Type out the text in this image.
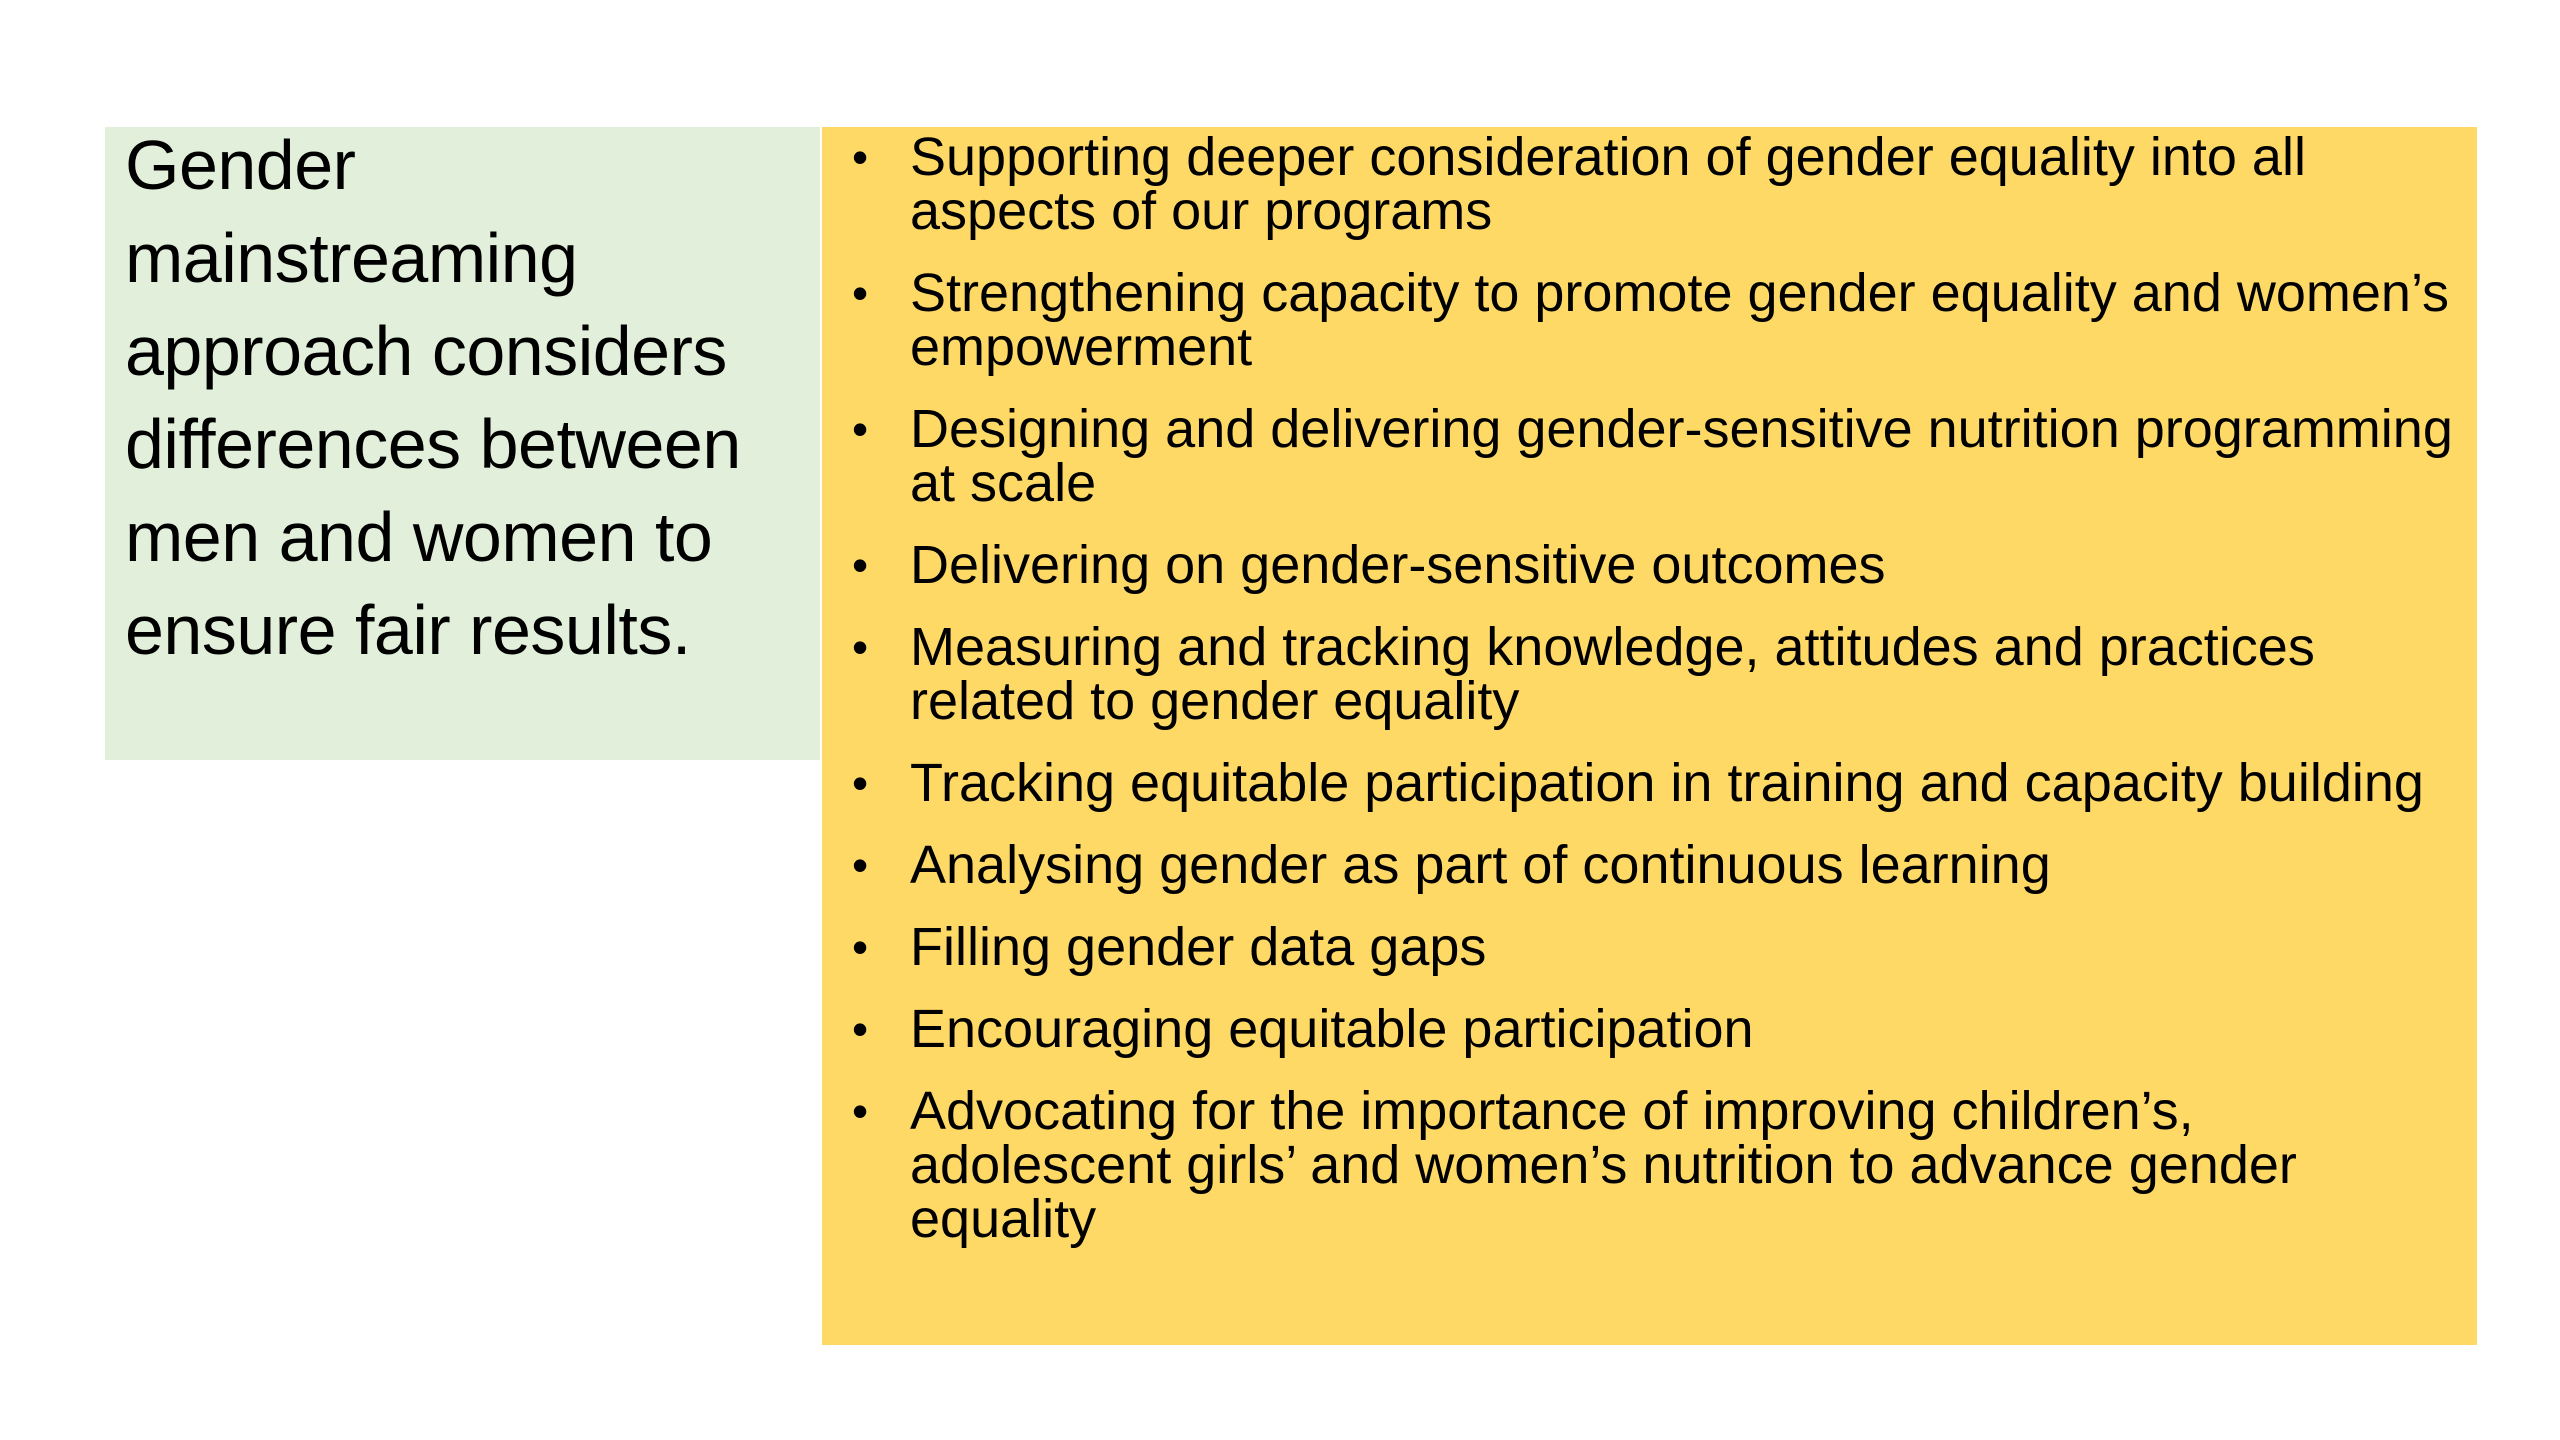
Gender mainstreaming approach considers differences between men and women to ensure fair results.

• Supporting deeper consideration of gender equality into all aspects of our programs
• Strengthening capacity to promote gender equality and women’s empowerment
• Designing and delivering gender-sensitive nutrition programming at scale
• Delivering on gender-sensitive outcomes
• Measuring and tracking knowledge, attitudes and practices related to gender equality
• Tracking equitable participation in training and capacity building
• Analysing gender as part of continuous learning
• Filling gender data gaps
• Encouraging equitable participation
• Advocating for the importance of improving children’s, adolescent girls’ and women’s nutrition to advance gender equality
